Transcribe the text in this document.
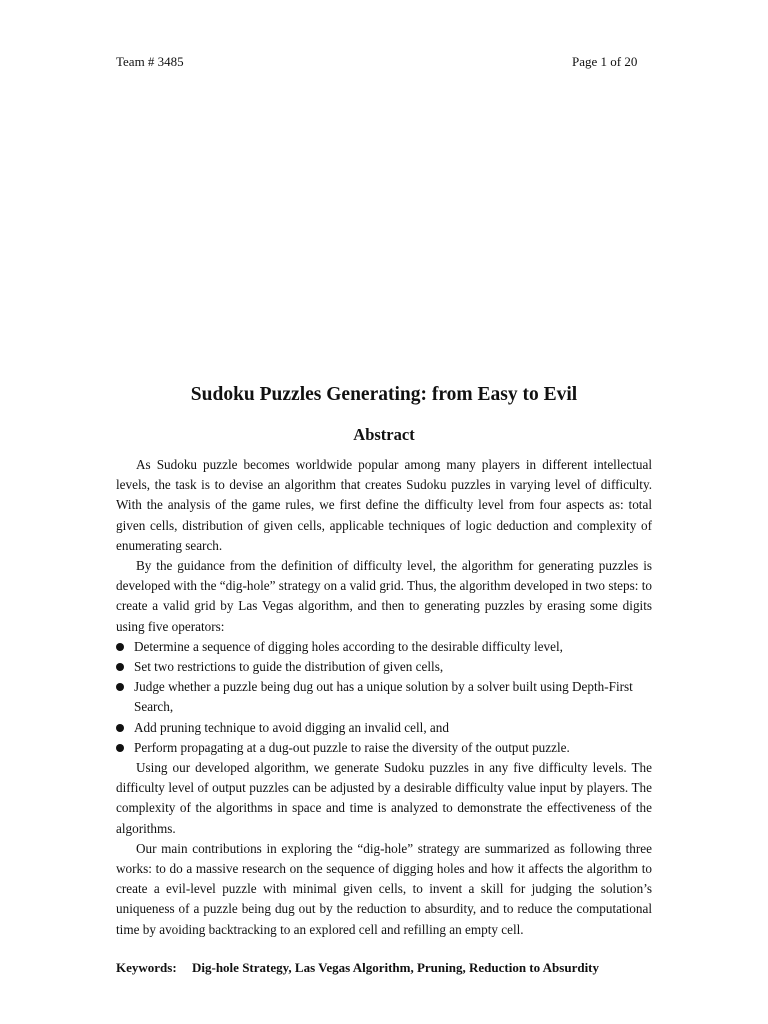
Team # 3485	Page 1 of 20
Sudoku Puzzles Generating: from Easy to Evil
Abstract

As Sudoku puzzle becomes worldwide popular among many players in different intellectual levels, the task is to devise an algorithm that creates Sudoku puzzles in varying level of difficulty. With the analysis of the game rules, we first define the difficulty level from four aspects as: total given cells, distribution of given cells, applicable techniques of logic deduction and complexity of enumerating search.

By the guidance from the definition of difficulty level, the algorithm for generating puzzles is developed with the “dig-hole” strategy on a valid grid. Thus, the algorithm developed in two steps: to create a valid grid by Las Vegas algorithm, and then to generating puzzles by erasing some digits using five operators:

Determine a sequence of digging holes according to the desirable difficulty level,
Set two restrictions to guide the distribution of given cells,
Judge whether a puzzle being dug out has a unique solution by a solver built using Depth-First Search,
Add pruning technique to avoid digging an invalid cell, and
Perform propagating at a dug-out puzzle to raise the diversity of the output puzzle.

Using our developed algorithm, we generate Sudoku puzzles in any five difficulty levels. The difficulty level of output puzzles can be adjusted by a desirable difficulty value input by players. The complexity of the algorithms in space and time is analyzed to demonstrate the effectiveness of the algorithms.

Our main contributions in exploring the “dig-hole” strategy are summarized as following three works: to do a massive research on the sequence of digging holes and how it affects the algorithm to create a evil-level puzzle with minimal given cells, to invent a skill for judging the solution’s uniqueness of a puzzle being dug out by the reduction to absurdity, and to reduce the computational time by avoiding backtracking to an explored cell and refilling an empty cell.

Keywords: Dig-hole Strategy, Las Vegas Algorithm, Pruning, Reduction to Absurdity
